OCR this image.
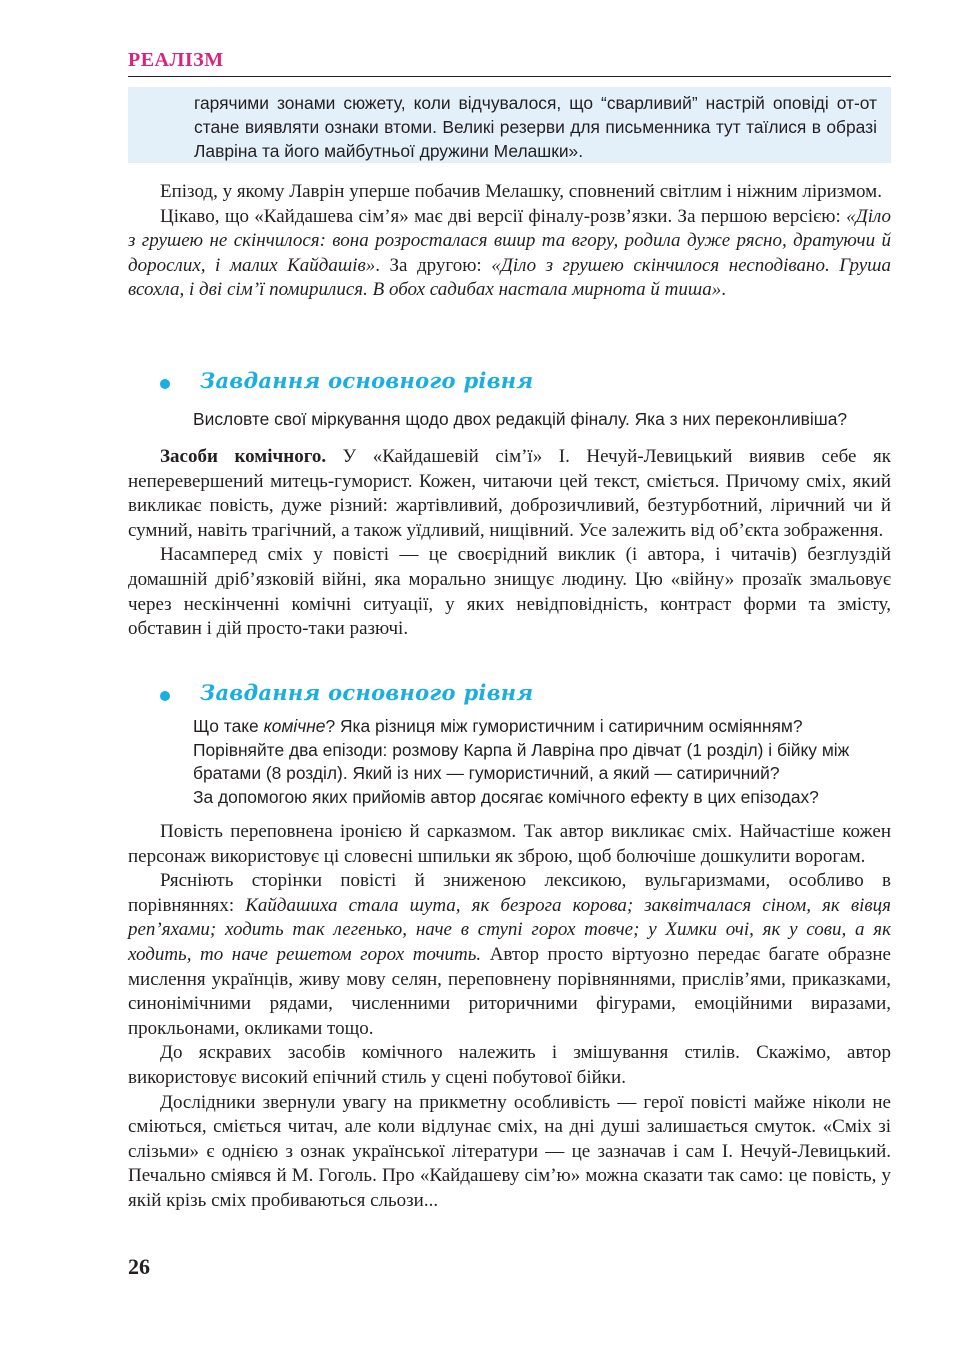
РЕАЛІЗМ

гарячими зонами сюжету, коли відчувалося, що “сварливий” настрій оповіді от-от стане виявляти ознаки втоми. Великі резерви для письменника тут таїлися в образі Лавріна та його майбутньої дружини Мелашки».

Епізод, у якому Лаврін уперше побачив Мелашку, сповнений світлим і ніжним ліризмом.

Цікаво, що «Кайдашева сім’я» має дві версії фіналу-розв’язки. За першою версією: «Діло з грушею не скінчилося: вона розросталася вшир та вгору, родила дуже рясно, дратуючи й дорослих, і малих Кайдашів». За другою: «Діло з грушею скінчилося несподівано. Груша всохла, і дві сім’ї помирилися. В обох садибах настала мирнота й тиша».

Завдання основного рівня

Висловте свої міркування щодо двох редакцій фіналу. Яка з них переконливіша?

Засоби комічного. У «Кайдашевій сім’ї» І. Нечуй-Левицький виявив себе як неперевершений митець-гуморист. Кожен, читаючи цей текст, сміється. Причому сміх, який викликає повість, дуже різний: жартівливий, доброзичливий, безтурботний, ліричний чи й сумний, навіть трагічний, а також уїдливий, нищівний. Усе залежить від об’єкта зображення.

Насамперед сміх у повісті — це своєрідний виклик (і автора, і читачів) безглуздій домашній дріб’язковій війні, яка морально знищує людину. Цю «війну» прозаїк змальовує через нескінченні комічні ситуації, у яких невідповідність, контраст форми та змісту, обставин і дій просто-таки разючі.

Завдання основного рівня

Що таке комічне? Яка різниця між гумористичним і сатиричним осміянням?

Порівняйте два епізоди: розмову Карпа й Лавріна про дівчат (1 розділ) і бійку між братами (8 розділ). Який із них — гумористичний, а який — сатиричний?

За допомогою яких прийомів автор досягає комічного ефекту в цих епізодах?

Повість переповнена іронією й сарказмом. Так автор викликає сміх. Найчастіше кожен персонаж використовує ці словесні шпильки як зброю, щоб болючіше дошкулити ворогам.

Рясніють сторінки повісті й зниженою лексикою, вульгаризмами, особливо в порівняннях: Кайдашиха стала шута, як безрога корова; заквітчалася сіном, як вівця реп’яхами; ходить так легенько, наче в ступі горох товче; у Химки очі, як у сови, а як ходить, то наче решетом горох точить. Автор просто віртуозно передає багате образне мислення українців, живу мову селян, переповнену порівняннями, прислів’ями, приказками, синонімічними рядами, численними риторичними фігурами, емоційними виразами, прокльонами, окликами тощо.

До яскравих засобів комічного належить і змішування стилів. Скажімо, автор використовує високий епічний стиль у сцені побутової бійки.

Дослідники звернули увагу на прикметну особливість — герої повісті майже ніколи не сміються, сміється читач, але коли відлунає сміх, на дні душі залишається смуток. «Сміх зі слізьми» є однією з ознак української літератури — це зазначав і сам І. Нечуй-Левицький. Печально сміявся й М. Гоголь. Про «Кайдашеву сім’ю» можна сказати так само: це повість, у якій крізь сміх пробиваються сльози...

26
